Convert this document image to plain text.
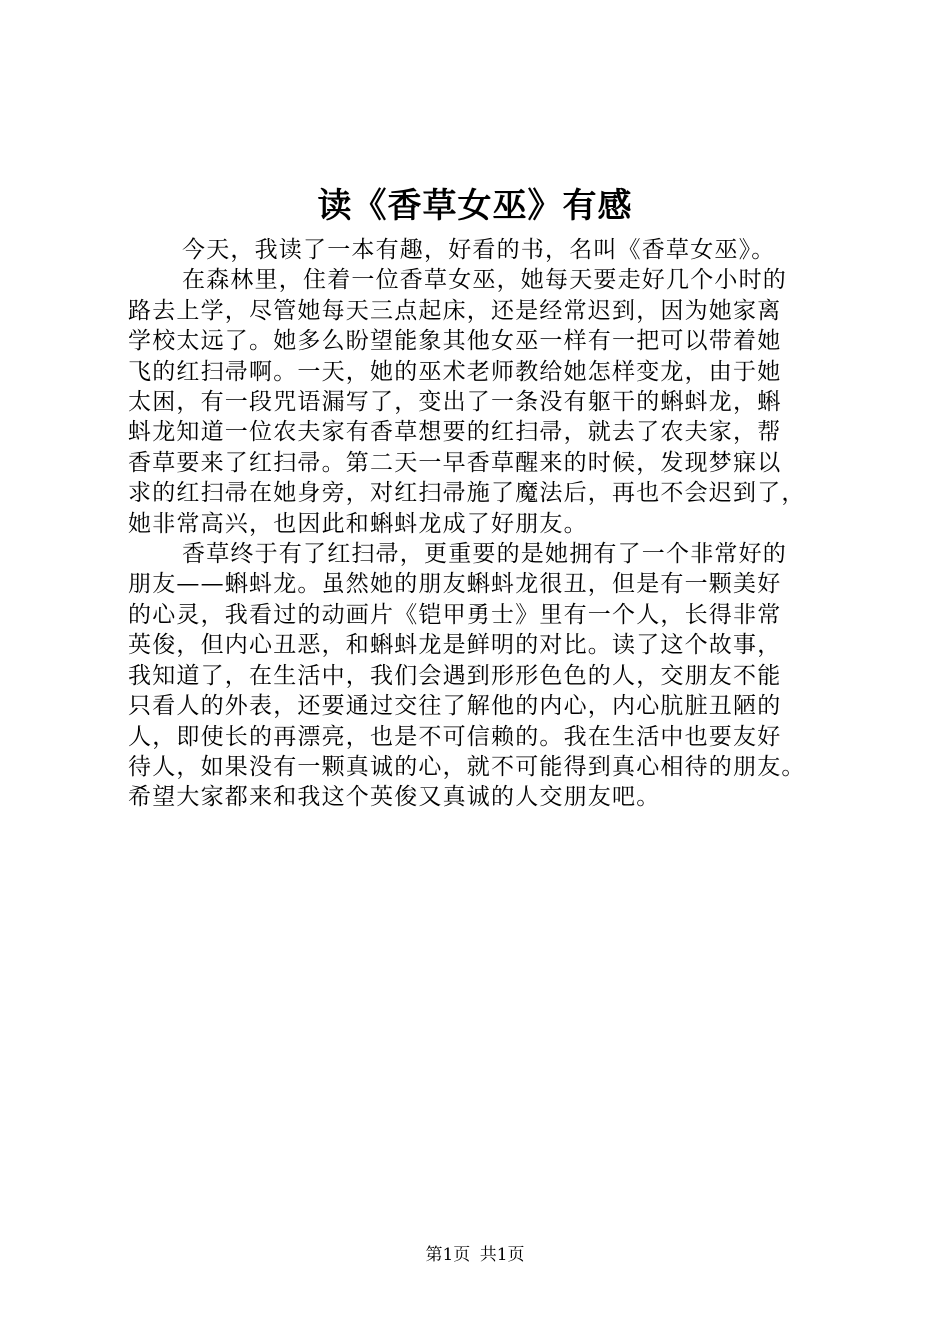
读《香草女巫》有感
今天，我读了一本有趣，好看的书，名叫《香草女巫》。
在森林里，住着一位香草女巫，她每天要走好几个小时的
路去上学，尽管她每天三点起床，还是经常迟到，因为她家离
学校太远了。她多么盼望能象其他女巫一样有一把可以带着她
飞的红扫帚啊。一天，她的巫术老师教给她怎样变龙，由于她
太困，有一段咒语漏写了，变出了一条没有躯干的蝌蚪龙，蝌
蚪龙知道一位农夫家有香草想要的红扫帚，就去了农夫家，帮
香草要来了红扫帚。第二天一早香草醒来的时候，发现梦寐以
求的红扫帚在她身旁，对红扫帚施了魔法后，再也不会迟到了，
她非常高兴，也因此和蝌蚪龙成了好朋友。
香草终于有了红扫帚，更重要的是她拥有了一个非常好的
朋友——蝌蚪龙。虽然她的朋友蝌蚪龙很丑，但是有一颗美好
的心灵，我看过的动画片《铠甲勇士》里有一个人，长得非常
英俊，但内心丑恶，和蝌蚪龙是鲜明的对比。读了这个故事，
我知道了，在生活中，我们会遇到形形色色的人，交朋友不能
只看人的外表，还要通过交往了解他的内心，内心肮脏丑陋的
人，即使长的再漂亮，也是不可信赖的。我在生活中也要友好
待人，如果没有一颗真诚的心，就不可能得到真心相待的朋友。
希望大家都来和我这个英俊又真诚的人交朋友吧。
第1页 共1页
